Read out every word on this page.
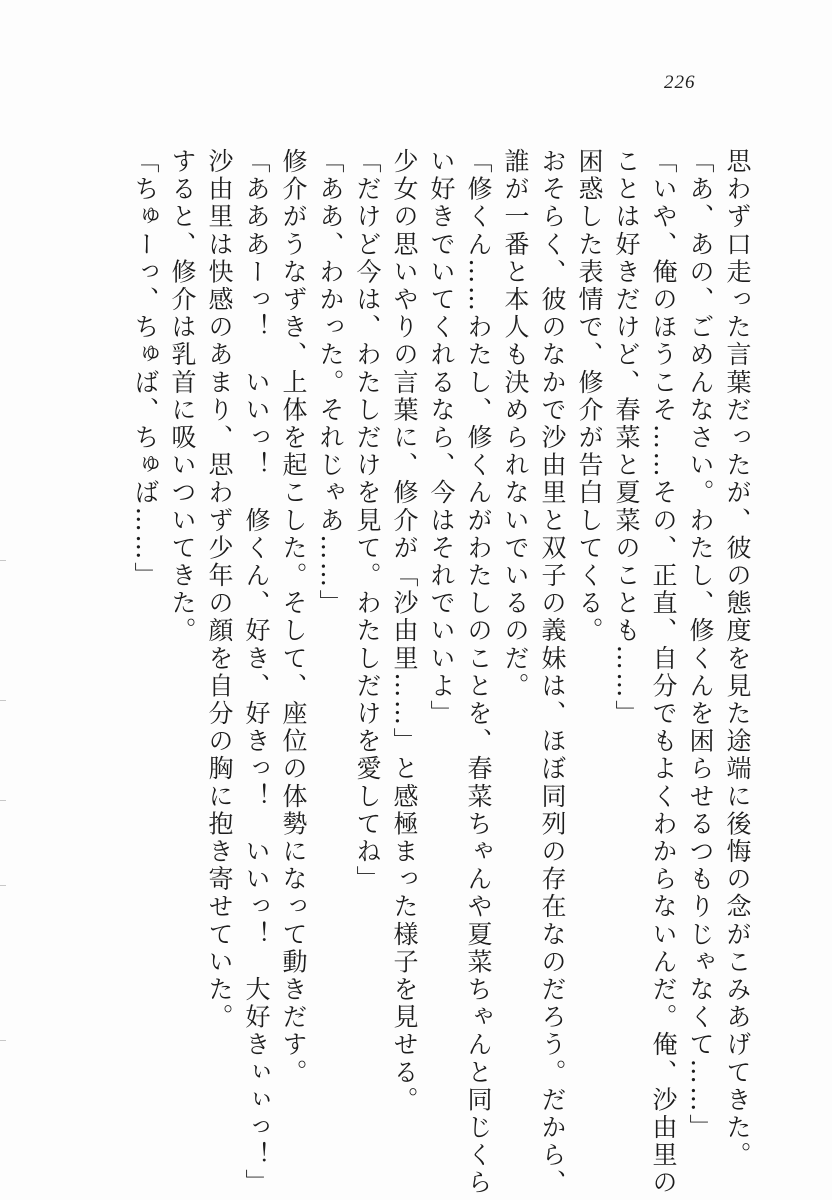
226

思わず口走った言葉だったが、彼の態度を見た途端に後悔の念がこみあげてきた。

「あ、あの、ごめんなさい。わたし、修くんを困らせるつもりじゃなくて……」

「いや、俺のほうこそ……その、正直、自分でもよくわからないんだ。俺、沙由里の

ことは好きだけど、春菜と夏菜のことも……」

困惑した表情で、修介が告白してくる。

おそらく、彼のなかで沙由里と双子の義妹は、ほぼ同列の存在なのだろう。だから、

誰が一番と本人も決められないでいるのだ。

「修くん……わたし、修くんがわたしのことを、春菜ちゃんや夏菜ちゃんと同じくら

い好きでいてくれるなら、今はそれでいいよ」

少女の思いやりの言葉に、修介が「沙由里……」と感極まった様子を見せる。

「だけど今は、わたしだけを見て。わたしだけを愛してね」

「ああ、わかった。それじゃあ……」

修介がうなずき、上体を起こした。そして、座位の体勢になって動きだす。

「あああーっ！　いいっ！　修くん、好き、好きっ！　いいっ！　大好きぃぃっ！」

沙由里は快感のあまり、思わず少年の顔を自分の胸に抱き寄せていた。

すると、修介は乳首に吸いついてきた。

「ちゅーっ、ちゅば、ちゅば……」
